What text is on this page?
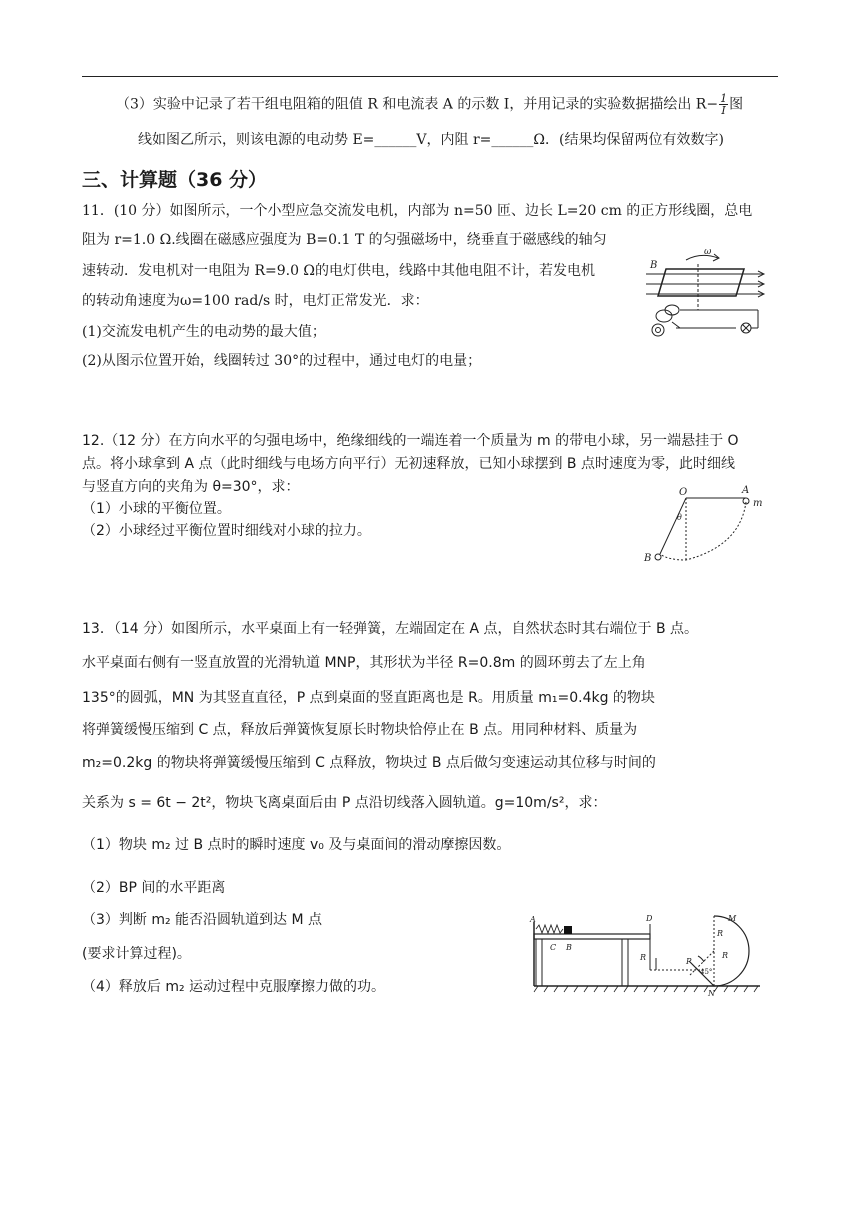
（3）实验中记录了若干组电阻箱的阻值 R 和电流表 A 的示数 I，并用记录的实验数据描绘出 $R- \frac{1}{I}$ 图
线如图乙所示，则该电源的电动势 E=______V，内阻 r=______Ω．(结果均保留两位有效数字)
三、计算题（36 分）
11．(10 分）如图所示，一个小型应急交流发电机，内部为 n=50 匝、边长 L=20 cm 的正方形线圈，总电
阻为 r=1.0 Ω.线圈在磁感应强度为 B=0.1 T 的匀强磁场中，绕垂直于磁感线的轴匀
速转动．发电机对一电阻为 R=9.0 Ω的电灯供电，线路中其他电阻不计，若发电机
的转动角速度为ω=100 rad/s 时，电灯正常发光．求：
(1)交流发电机产生的电动势的最大值；
(2)从图示位置开始，线圈转过 30°的过程中，通过电灯的电量；
B
ω
12.（12 分）在方向水平的匀强电场中，绝缘细线的一端连着一个质量为 m 的带电小球，另一端悬挂于 O
点。将小球拿到 A 点（此时细线与电场方向平行）无初速释放，已知小球摆到 B 点时速度为零，此时细线
与竖直方向的夹角为 θ=30°，求：
（1）小球的平衡位置。
（2）小球经过平衡位置时细线对小球的拉力。
O	A
m
B
θ
13．（14 分）如图所示，水平桌面上有一轻弹簧，左端固定在 A 点，自然状态时其右端位于 B 点。
水平桌面右侧有一竖直放置的光滑轨道 MNP，其形状为半径 R=0.8m 的圆环剪去了左上角
135°的圆弧，MN 为其竖直直径，P 点到桌面的竖直距离也是 R。用质量 m₁=0.4kg 的物块
将弹簧缓慢压缩到 C 点，释放后弹簧恢复原长时物块恰停止在 B 点。用同种材料、质量为
m₂=0.2kg 的物块将弹簧缓慢压缩到 C 点释放，物块过 B 点后做匀变速运动其位移与时间的
关系为 s = 6t − 2t²，物块飞离桌面后由 P 点沿切线落入圆轨道。g=10m/s²，求：
（1）物块 m₂ 过 B 点时的瞬时速度 v₀ 及与桌面间的滑动摩擦因数。
（2）BP 间的水平距离
（3）判断 m₂ 能否沿圆轨道到达 M 点
(要求计算过程)。
（4）释放后 m₂ 运动过程中克服摩擦力做的功。
A
C B
D
R
M
R
R
P
45°
N
